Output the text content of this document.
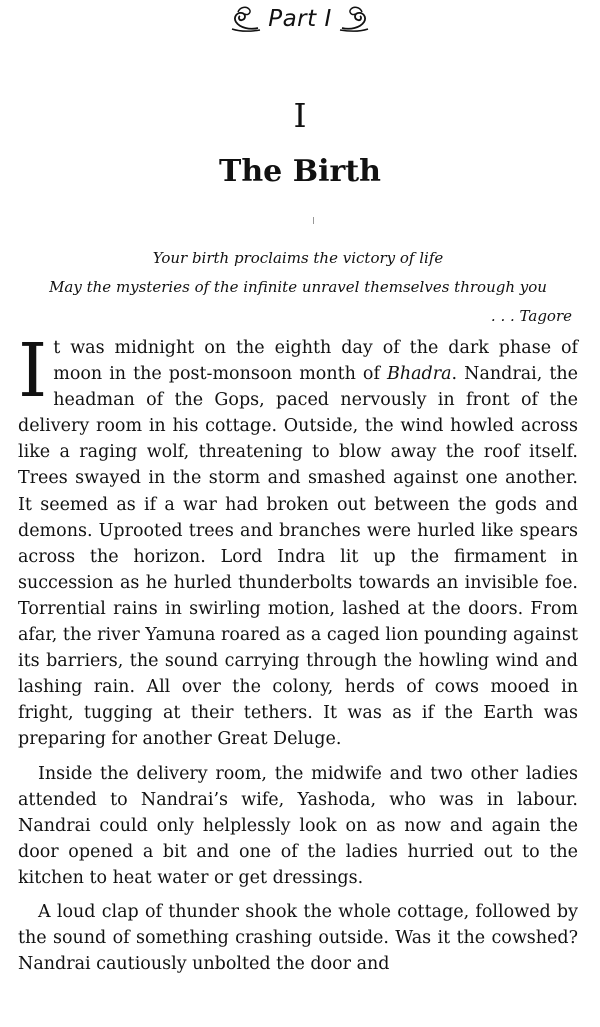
Part I
I
The Birth
Your birth proclaims the victory of life
May the mysteries of the infinite unravel themselves through you
. . . Tagore

It was midnight on the eighth day of the dark phase of moon in the post-monsoon month of Bhadra. Nandrai, the headman of the Gops, paced nervously in front of the delivery room in his cottage. Outside, the wind howled across like a raging wolf, threatening to blow away the roof itself. Trees swayed in the storm and smashed against one another. It seemed as if a war had broken out between the gods and demons. Uprooted trees and branches were hurled like spears across the horizon. Lord Indra lit up the firmament in succession as he hurled thunderbolts towards an invisible foe. Torrential rains in swirling motion, lashed at the doors. From afar, the river Yamuna roared as a caged lion pounding against its barriers, the sound carrying through the howling wind and lashing rain. All over the colony, herds of cows mooed in fright, tugging at their tethers. It was as if the Earth was preparing for another Great Deluge.

Inside the delivery room, the midwife and two other ladies attended to Nandrai’s wife, Yashoda, who was in labour. Nandrai could only helplessly look on as now and again the door opened a bit and one of the ladies hurried out to the kitchen to heat water or get dressings.

A loud clap of thunder shook the whole cottage, followed by the sound of something crashing outside. Was it the cowshed? Nandrai cautiously unbolted the door and
